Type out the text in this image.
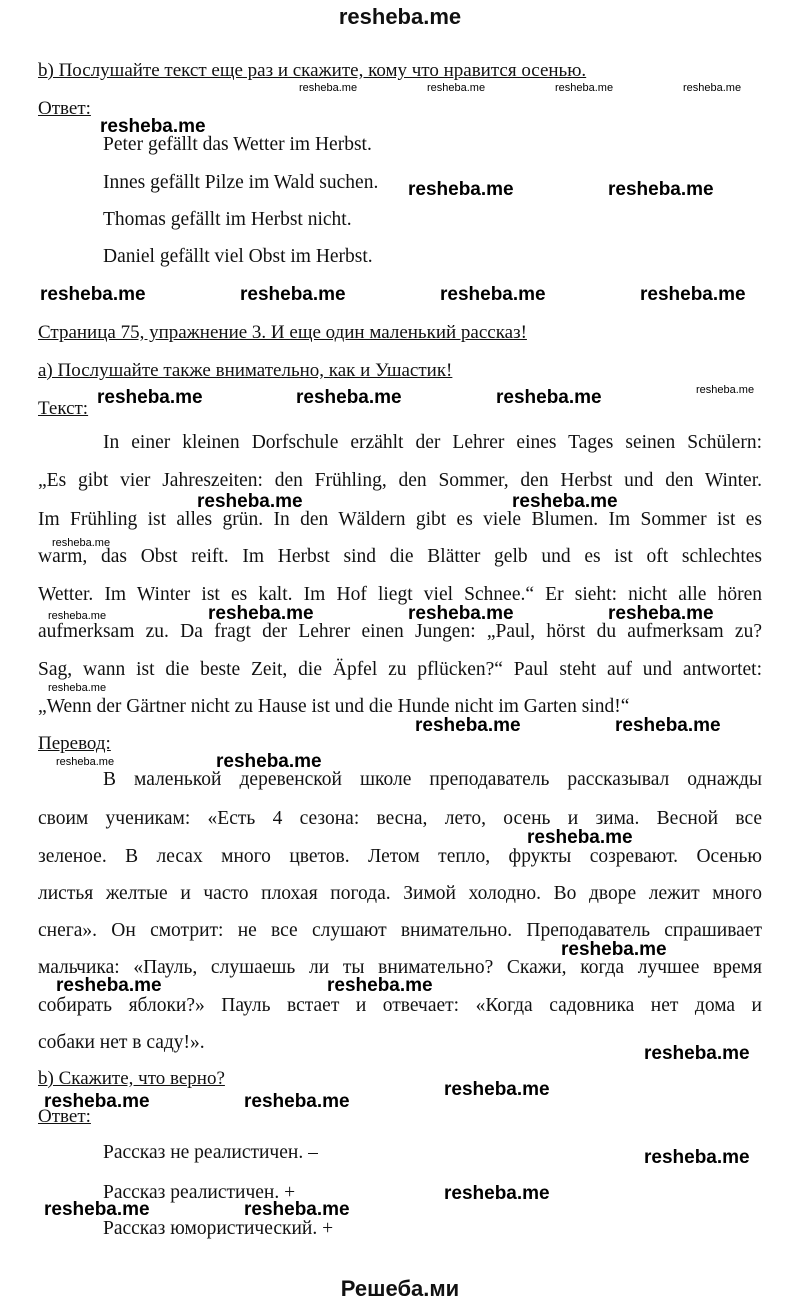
resheba.me
b) Послушайте текст еще раз и скажите, кому что нравится осенью.
Ответ:
Peter gefällt das Wetter im Herbst.
Innes gefällt Pilze im Wald suchen.
Thomas gefällt im Herbst nicht.
Daniel gefällt viel Obst im Herbst.
Страница 75, упражнение 3. И еще один маленький рассказ!
a) Послушайте также внимательно, как и Ушастик!
Текст:
In einer kleinen Dorfschule erzählt der Lehrer eines Tages seinen Schülern:
„Es gibt vier Jahreszeiten: den Frühling, den Sommer, den Herbst und den Winter.
Im Frühling ist alles grün. In den Wäldern gibt es viele Blumen. Im Sommer ist es
warm, das Obst reift. Im Herbst sind die Blätter gelb und es ist oft schlechtes
Wetter. Im Winter ist es kalt. Im Hof liegt viel Schnee.“ Er sieht: nicht alle hören
aufmerksam zu. Da fragt der Lehrer einen Jungen: „Paul, hörst du aufmerksam zu?
Sag, wann ist die beste Zeit, die Äpfel zu pflücken?“ Paul steht auf und antwortet:
„Wenn der Gärtner nicht zu Hause ist und die Hunde nicht im Garten sind!“
Перевод:
В маленькой деревенской школе преподаватель рассказывал однажды
своим ученикам: «Есть 4 сезона: весна, лето, осень и зима. Весной все
зеленое. В лесах много цветов. Летом тепло, фрукты созревают. Осенью
листья желтые и часто плохая погода. Зимой холодно. Во дворе лежит много
снега». Он смотрит: не все слушают внимательно. Преподаватель спрашивает
мальчика: «Пауль, слушаешь ли ты внимательно? Скажи, когда лучшее время
собирать яблоки?» Пауль встает и отвечает: «Когда садовника нет дома и
собаки нет в саду!».
b) Скажите, что верно?
Ответ:
Рассказ не реалистичен. –
Рассказ реалистичен. +
Рассказ юмористический. +
Решеба.ми
resheba.me
resheba.me	resheba.me
resheba.me	resheba.me	resheba.me	resheba.me
resheba.me	resheba.me	resheba.me
resheba.me	resheba.me
resheba.me	resheba.me	resheba.me
resheba.me	resheba.me
resheba.me
resheba.me
resheba.me
resheba.me	resheba.me
resheba.me
resheba.me
resheba.me	resheba.me
resheba.me
resheba.me
resheba.me	resheba.me
resheba.me	resheba.me	resheba.me	resheba.me
resheba.me
resheba.me
resheba.me
resheba.me
resheba.me
